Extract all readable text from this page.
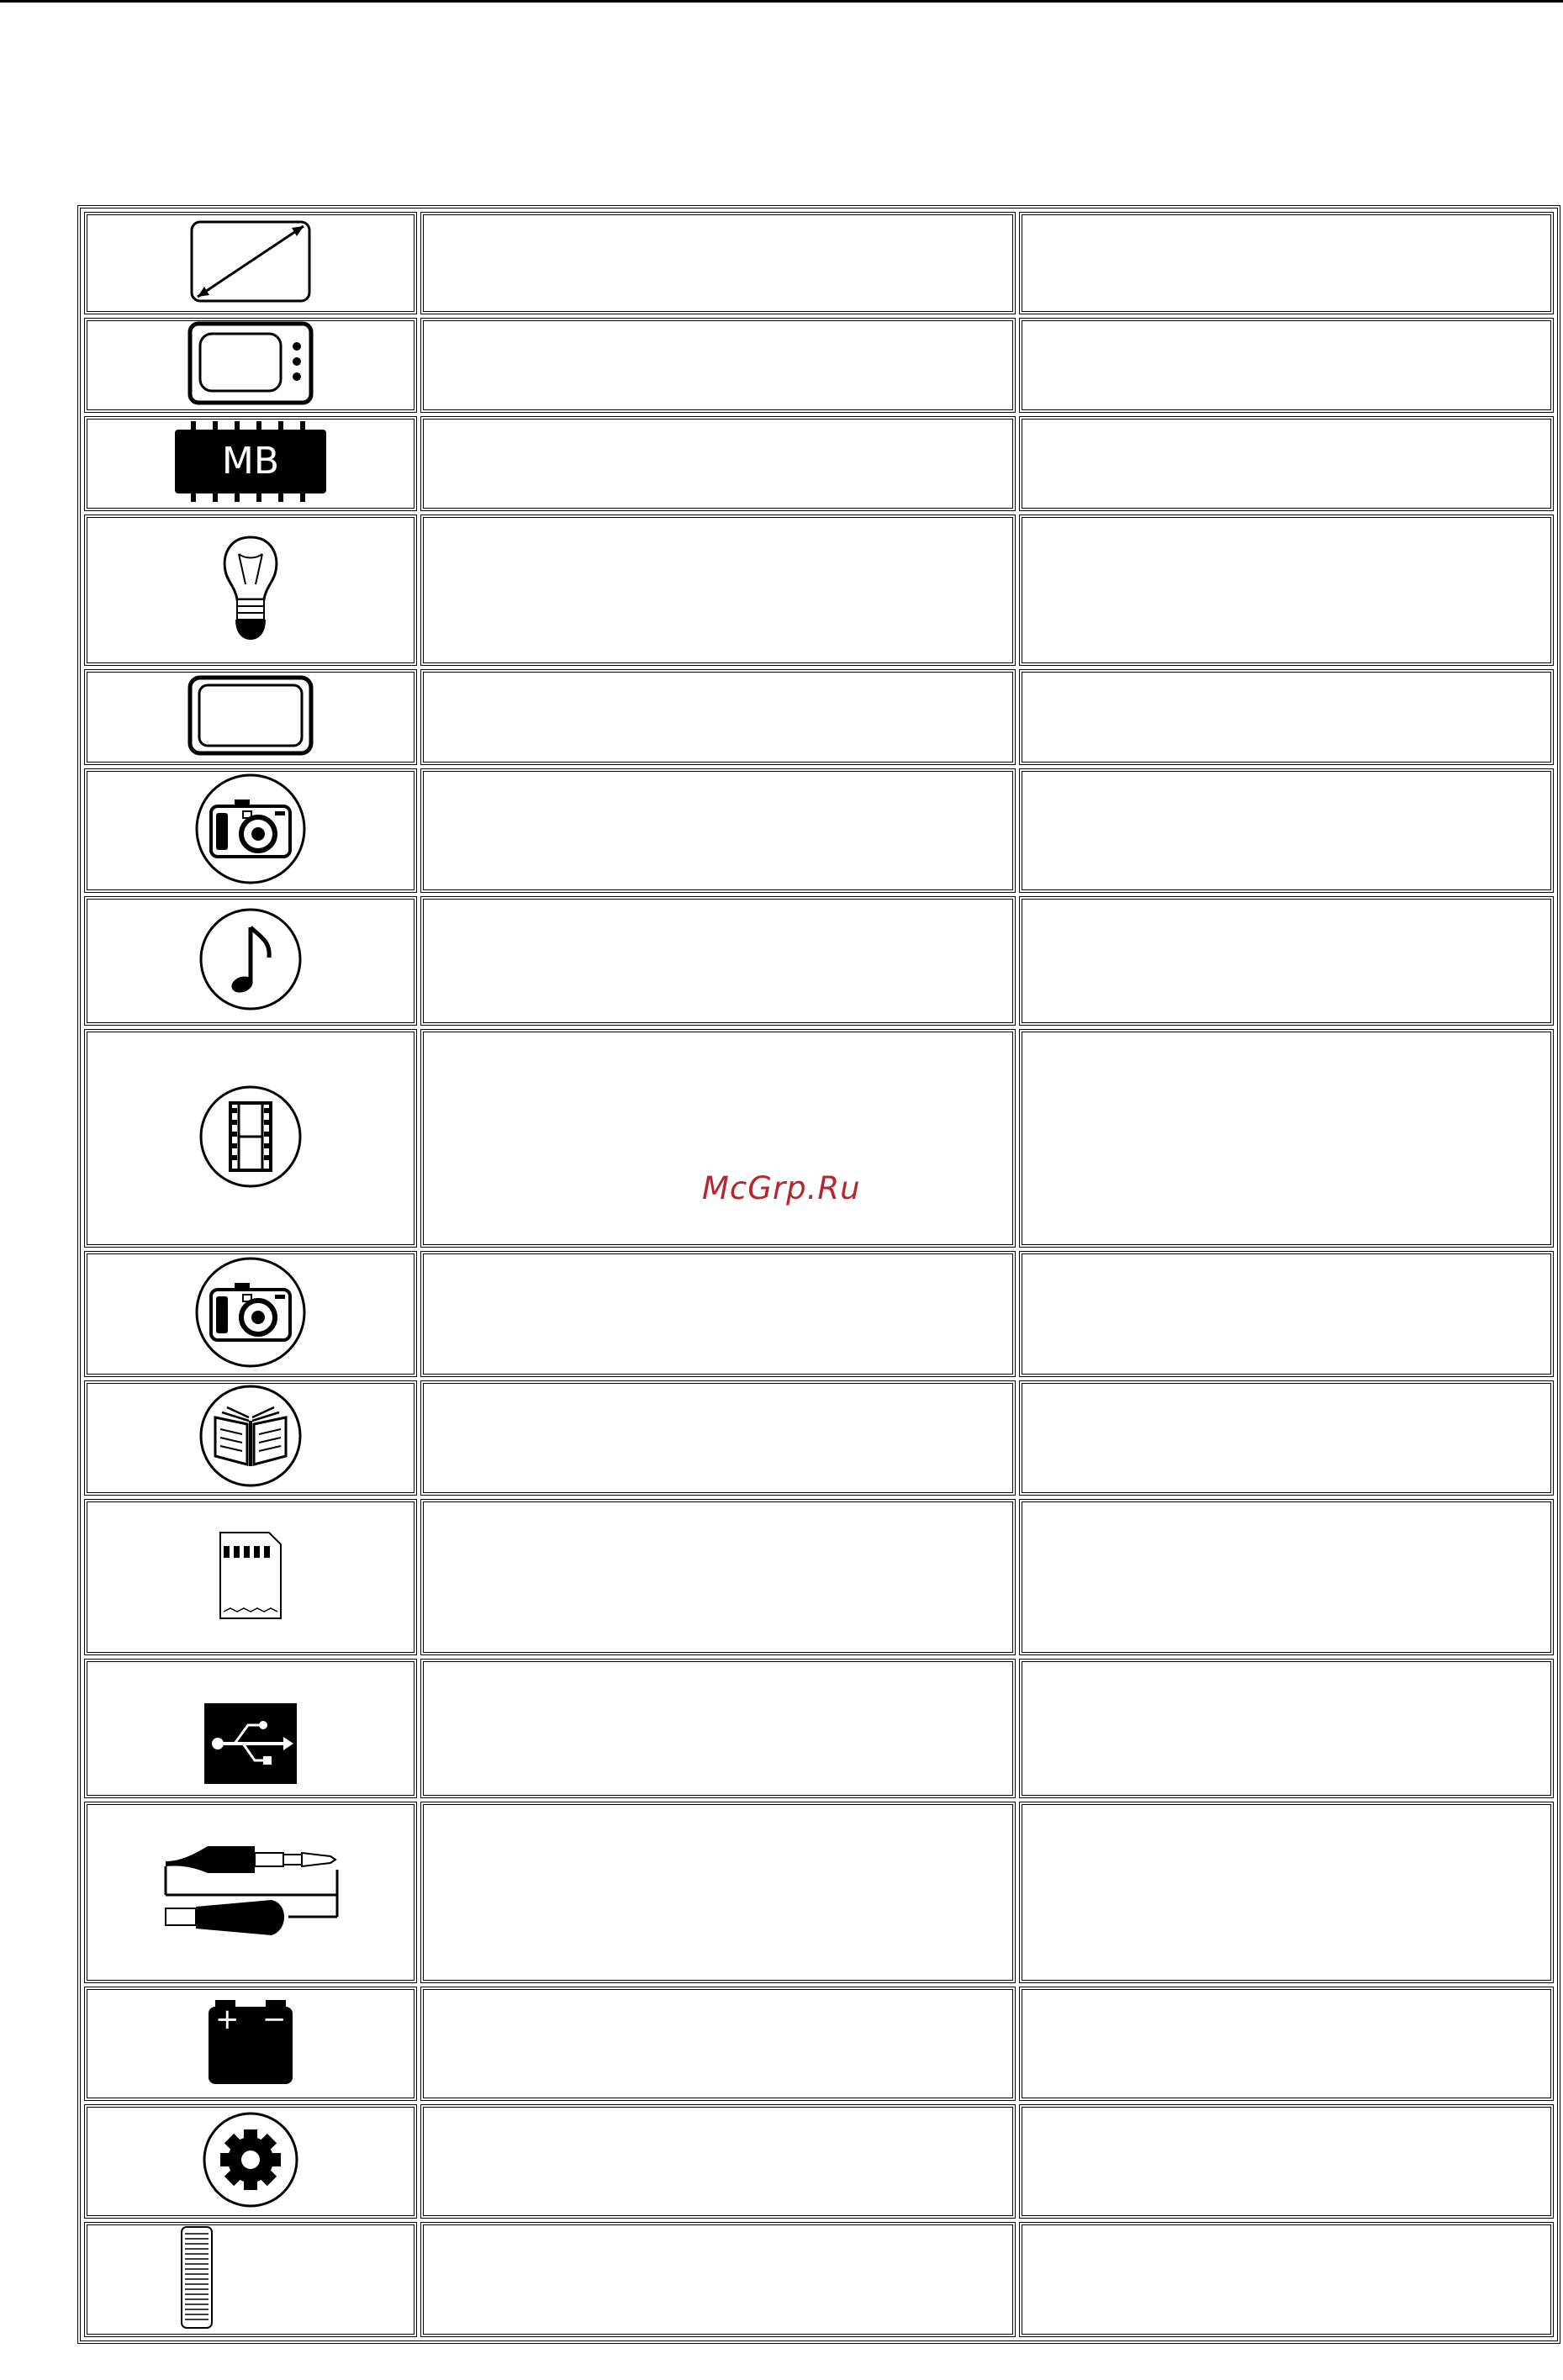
MB		

+ −		

McGrp.Ru
